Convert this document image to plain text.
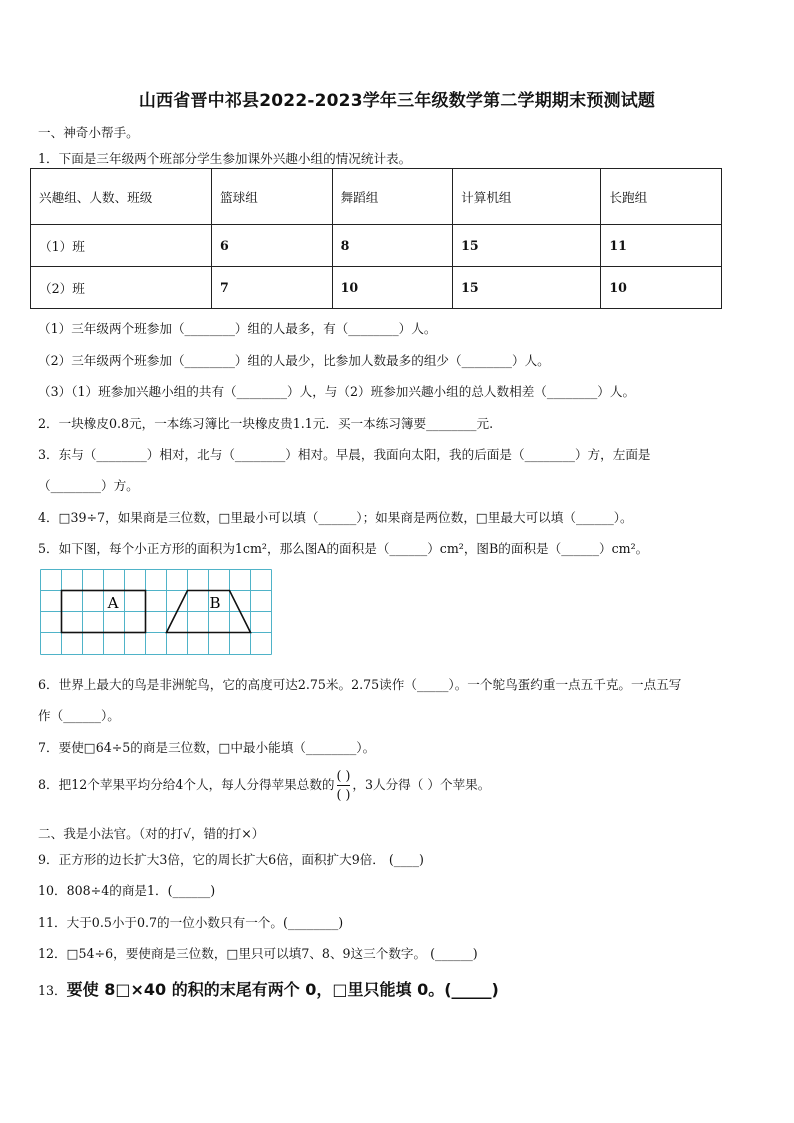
山西省晋中祁县2022-2023学年三年级数学第二学期期末预测试题
一、神奇小帮手。
1．下面是三年级两个班部分学生参加课外兴趣小组的情况统计表。
兴趣组、人数、班级	篮球组	舞蹈组	计算机组	长跑组
（1）班	6	8	15	11
（2）班	7	10	15	10
（1）三年级两个班参加（________）组的人最多，有（________）人。
（2）三年级两个班参加（________）组的人最少，比参加人数最多的组少（________）人。
（3）（1）班参加兴趣小组的共有（________）人，与（2）班参加兴趣小组的总人数相差（________）人。
2．一块橡皮0.8元，一本练习簿比一块橡皮贵1.1元．买一本练习簿要________元.
3．东与（________）相对，北与（________）相对。早晨，我面向太阳，我的后面是（________）方，左面是
（________）方。
4．□39÷7，如果商是三位数，□里最小可以填（______）；如果商是两位数，□里最大可以填（______）。
5．如下图，每个小正方形的面积为1cm²，那么图A的面积是（______）cm²，图B的面积是（______）cm²。
A	B
6．世界上最大的鸟是非洲鸵鸟，它的高度可达2.75米。2.75读作（_____）。一个鸵鸟蛋约重一点五千克。一点五写
作（______）。
7．要使□64÷5的商是三位数，□中最小能填（________）。
8．把12个苹果平均分给4个人，每人分得苹果总数的 $\frac{( )}{( )}$ ，3人分得（ ）个苹果。
二、我是小法官。（对的打√，错的打×）
9．正方形的边长扩大3倍，它的周长扩大6倍，面积扩大9倍． (____)
10．808÷4的商是1．(______)
11．大于0.5小于0.7的一位小数只有一个。(________)
12．□54÷6，要使商是三位数，□里只可以填7、8、9这三个数字。 (______)
13．要使 8□×40 的积的末尾有两个 0，□里只能填 0。(_____)
